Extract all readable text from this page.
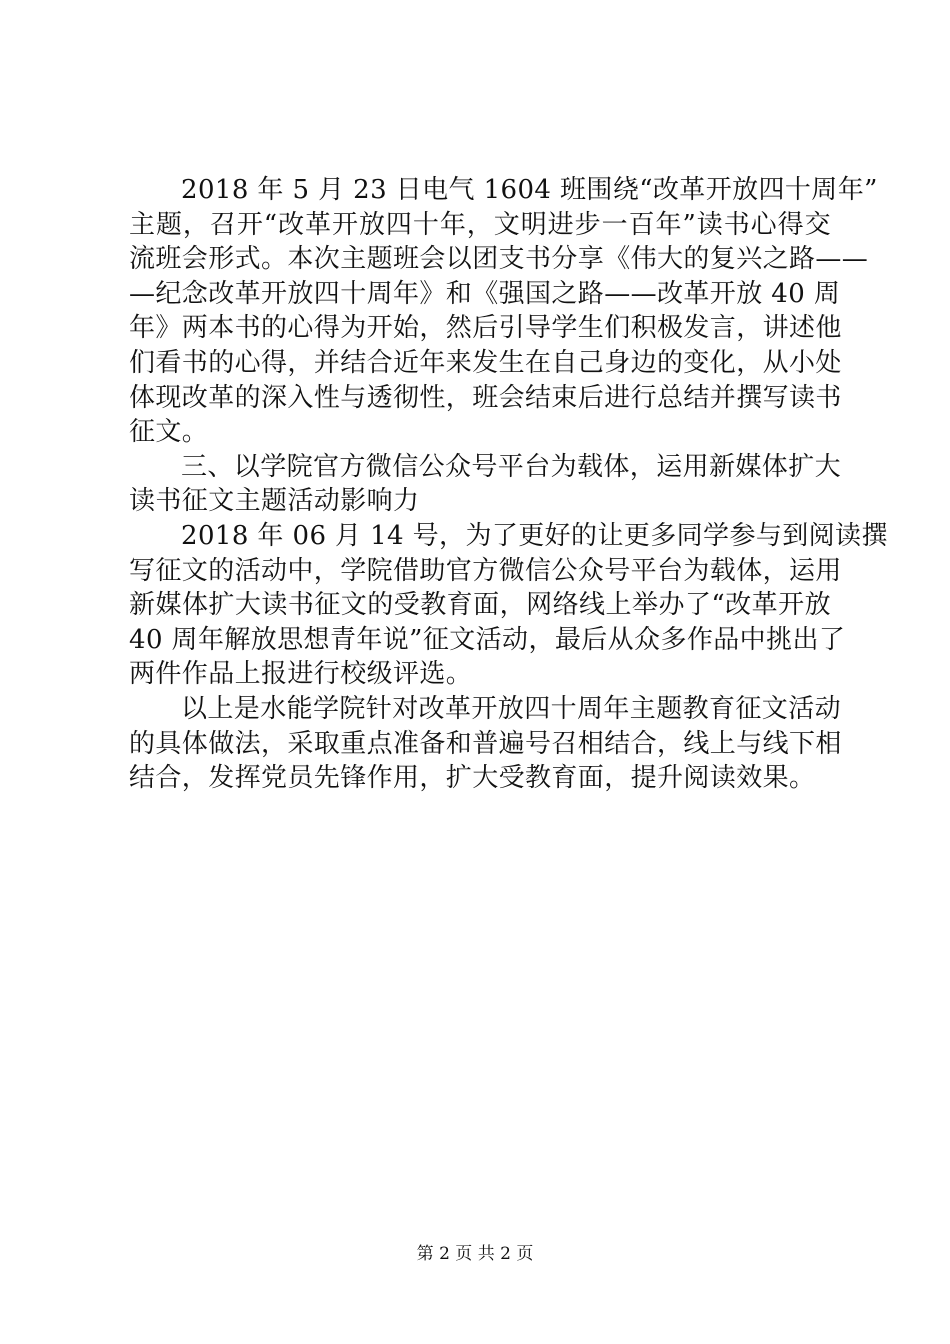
2018 年 5 月 23 日电气 1604 班围绕“改革开放四十周年”
主题，召开“改革开放四十年，文明进步一百年”读书心得交
流班会形式。本次主题班会以团支书分享《伟大的复兴之路——
—纪念改革开放四十周年》和《强国之路——改革开放 40 周
年》两本书的心得为开始，然后引导学生们积极发言，讲述他
们看书的心得，并结合近年来发生在自己身边的变化，从小处
体现改革的深入性与透彻性，班会结束后进行总结并撰写读书
征文。
三、以学院官方微信公众号平台为载体，运用新媒体扩大
读书征文主题活动影响力
2018 年 06 月 14 号，为了更好的让更多同学参与到阅读撰
写征文的活动中，学院借助官方微信公众号平台为载体，运用
新媒体扩大读书征文的受教育面，网络线上举办了“改革开放
40 周年解放思想青年说”征文活动，最后从众多作品中挑出了
两件作品上报进行校级评选。
以上是水能学院针对改革开放四十周年主题教育征文活动
的具体做法，采取重点准备和普遍号召相结合，线上与线下相
结合，发挥党员先锋作用，扩大受教育面，提升阅读效果。
第 2 页 共 2 页
